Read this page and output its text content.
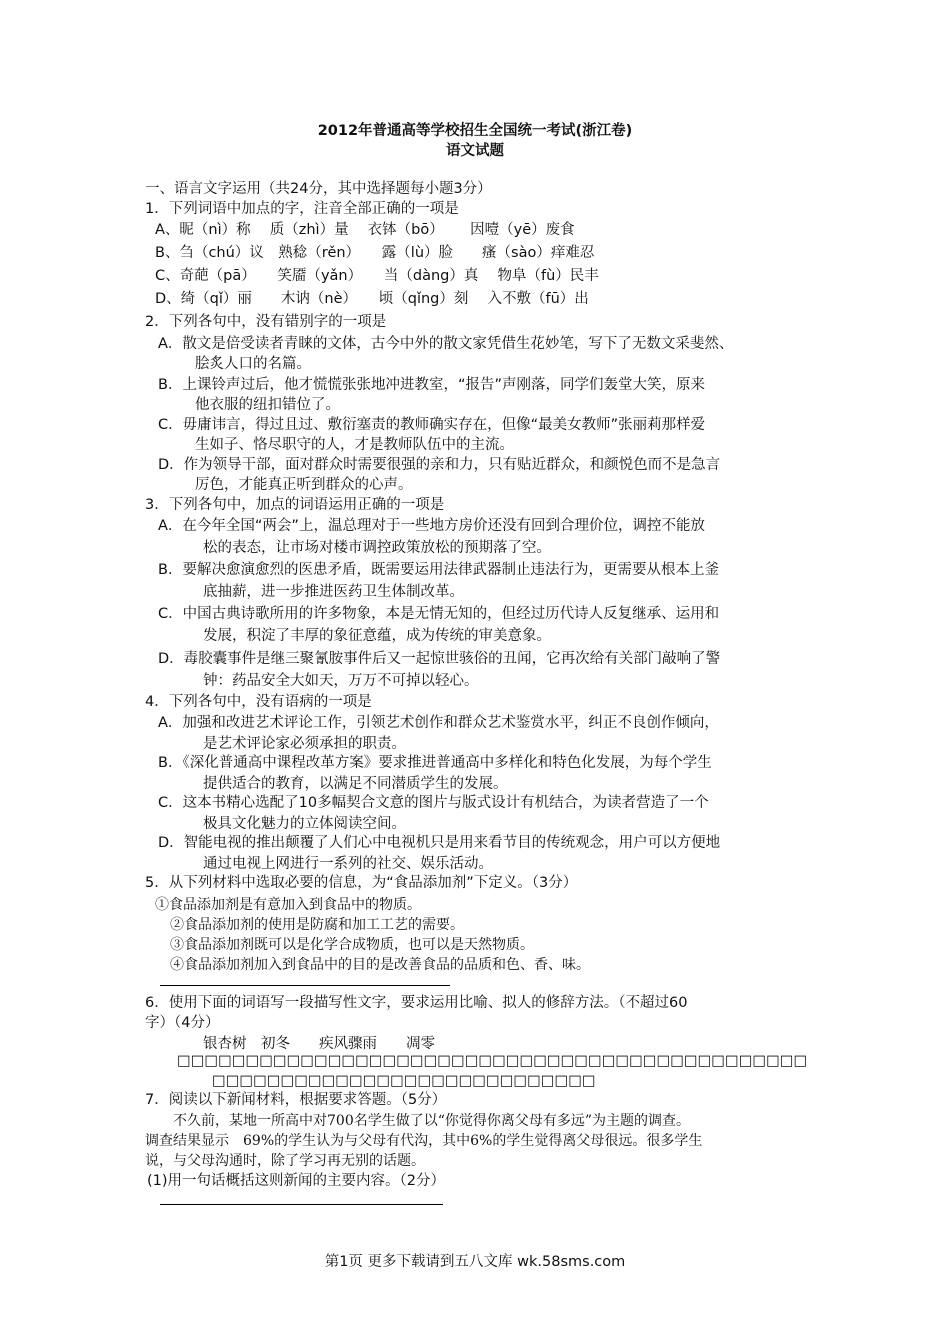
2012年普通高等学校招生全国统一考试(浙江卷)
语文试题
一、语言文字运用（共24分，其中选择题每小题3分）
1．下列词语中加点的字，注音全部正确的一项是
A、昵（nì）称　 质（zhì）量　 衣钵（bō）　　 因噎（yē）废食
B、刍（chú）议　熟稔（rěn）　　露（lù）脸　　瘙（sào）痒难忍
C、奇葩（pā）　　笑靥（yǎn）　　当（dàng）真　 物阜（fù）民丰
D、绮（qǐ）丽　　木讷（nè）　　顷（qǐng）刻　 入不敷（fū）出
2．下列各句中，没有错别字的一项是
A．散文是倍受读者青睐的文体，古今中外的散文家凭借生花妙笔，写下了无数文采斐然、
脍炙人口的名篇。
B．上课铃声过后，他才慌慌张张地冲进教室，“报告”声刚落，同学们轰堂大笑，原来
他衣服的纽扣错位了。
C．毋庸讳言，得过且过、敷衍塞责的教师确实存在，但像“最美女教师”张丽莉那样爱
生如子、恪尽职守的人，才是教师队伍中的主流。
D．作为领导干部，面对群众时需要很强的亲和力，只有贴近群众，和颜悦色而不是急言
厉色，才能真正听到群众的心声。
3．下列各句中，加点的词语运用正确的一项是
A．在今年全国“两会”上，温总理对于一些地方房价还没有回到合理价位，调控不能放
松的表态，让市场对楼市调控政策放松的预期落了空。
B．要解决愈演愈烈的医患矛盾，既需要运用法律武器制止违法行为，更需要从根本上釜
底抽薪，进一步推进医药卫生体制改革。
C．中国古典诗歌所用的许多物象，本是无情无知的，但经过历代诗人反复继承、运用和
发展，积淀了丰厚的象征意蕴，成为传统的审美意象。
D．毒胶囊事件是继三聚氰胺事件后又一起惊世骇俗的丑闻，它再次给有关部门敲响了警
钟：药品安全大如天，万万不可掉以轻心。
4．下列各句中，没有语病的一项是
A．加强和改进艺术评论工作，引领艺术创作和群众艺术鉴赏水平，纠正不良创作倾向，
是艺术评论家必须承担的职责。
B．《深化普通高中课程改革方案》要求推进普通高中多样化和特色化发展，为每个学生
提供适合的教育，以满足不同潜质学生的发展。
C．这本书精心选配了10多幅契合文意的图片与版式设计有机结合，为读者营造了一个
极具文化魅力的立体阅读空间。
D．智能电视的推出颠覆了人们心中电视机只是用来看节目的传统观念，用户可以方便地
通过电视上网进行一系列的社交、娱乐活动。
5．从下列材料中选取必要的信息，为“食品添加剂”下定义。（3分）
①食品添加剂是有意加入到食品中的物质。
②食品添加剂的使用是防腐和加工工艺的需要。
③食品添加剂既可以是化学合成物质，也可以是天然物质。
④食品添加剂加入到食品中的目的是改善食品的品质和色、香、味。
6．使用下面的词语写一段描写性文字，要求运用比喻、拟人的修辞方法。（不超过60
字）（4分）
银杏树　初冬　　疾风骤雨　　凋零
□□□□□□□□□□□□□□□□□□□□□□□□□□□□□□□□□□□□□□□□□□□□□□
□□□□□□□□□□□□□□□□□□□□□□□□□□□□
7．阅读以下新闻材料，根据要求答题。（5分）
　　不久前，某地一所高中对700名学生做了以“你觉得你离父母有多远”为主题的调查。
调查结果显示　69%的学生认为与父母有代沟，其中6%的学生觉得离父母很远。很多学生
说，与父母沟通时，除了学习再无别的话题。
(1)用一句话概括这则新闻的主要内容。（2分）
第1页 更多下载请到五八文库 wk.58sms.com
